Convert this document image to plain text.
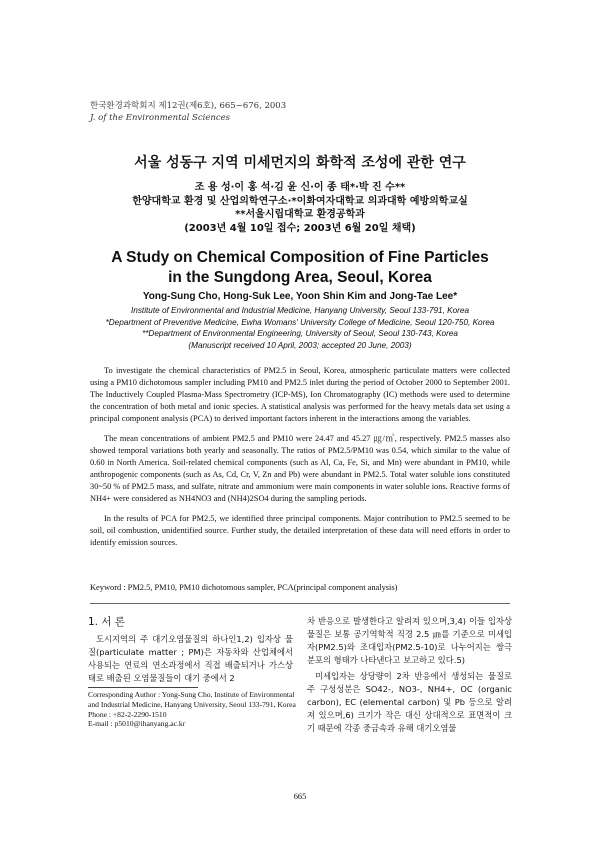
한국환경과학회지 제12권(제6호), 665~676, 2003
J. of the Environmental Sciences
서울 성동구 지역 미세먼지의 화학적 조성에 관한 연구
조 용 성·이 홍 석·김 윤 신·이 종 태*·박 진 수**
한양대학교 환경 및 산업의학연구소·*이화여자대학교 의과대학 예방의학교실
**서울시립대학교 환경공학과
(2003년 4월 10일 접수; 2003년 6월 20일 채택)
A Study on Chemical Composition of Fine Particles
in the Sungdong Area, Seoul, Korea
Yong-Sung Cho, Hong-Suk Lee, Yoon Shin Kim and Jong-Tae Lee*
Institute of Environmental and Industrial Medicine, Hanyang University, Seoul 133-791, Korea
*Department of Preventive Medicine, Ewha Womans' University College of Medicine, Seoul 120-750, Korea
**Department of Environmental Engineering, University of Seoul, Seoul 130-743, Korea
(Manuscript received 10 April, 2003; accepted 20 June, 2003)

To investigate the chemical characteristics of PM2.5 in Seoul, Korea, atmospheric particulate matters were collected using a PM10 dichotomous sampler including PM10 and PM2.5 inlet during the period of October 2000 to September 2001. The Inductively Coupled Plasma-Mass Spectrometry (ICP-MS), Ion Chromatography (IC) methods were used to determine the concentration of both metal and ionic species. A statistical analysis was performed for the heavy metals data set using a principal component analysis (PCA) to derived important factors inherent in the interactions among the variables.

The mean concentrations of ambient PM2.5 and PM10 were 24.47 and 45.27 ㎍/㎥, respectively. PM2.5 masses also showed temporal variations both yearly and seasonally. The ratios of PM2.5/PM10 was 0.54, which similar to the value of 0.60 in North America. Soil-related chemical components (such as Al, Ca, Fe, Si, and Mn) were abundant in PM10, while anthropogenic components (such as As, Cd, Cr, V, Zn and Pb) were abundant in PM2.5. Total water soluble ions constituted 30~50 % of PM2.5 mass, and sulfate, nitrate and ammonium were main components in water soluble ions. Reactive forms of NH4+ were considered as NH4NO3 and (NH4)2SO4 during the sampling periods.

In the results of PCA for PM2.5, we identified three principal components. Major contribution to PM2.5 seemed to be soil, oil combustion, unidentified source. Further study, the detailed interpretation of these data will need efforts in order to identify emission sources.

Keyword : PM2.5, PM10, PM10 dichotomous sampler, PCA(principal component analysis)
1. 서 론

도시지역의 주 대기오염물질의 하나인1,2) 입자상 물질(particulate matter ; PM)은 자동차와 산업체에서 사용되는 연료의 연소과정에서 직접 배출되거나 가스상태로 배출된 오염물질들이 대기 중에서 2

차 반응으로 발생한다고 알려져 있으며,3,4) 이들 입자상 물질은 보통 공기역학적 직경 2.5 ㎛를 기준으로 미세입자(PM2.5)와 조대입자(PM2.5-10)로 나누어지는 쌍극분포의 형태가 나타낸다고 보고하고 있다.5)

미세입자는 상당량이 2차 반응에서 생성되는 물질로 주 구성성분은 SO42-, NO3-, NH4+, OC (organic carbon), EC (elemental carbon) 및 Pb 등으로 알려져 있으며,6) 크기가 작은 대신 상대적으로 표면적이 크기 때문에 각종 중금속과 유해 대기오염물

Corresponding Author : Yong-Sung Cho, Institute of Environmental and Industrial Medicine, Hanyang University, Seoul 133-791, Korea
Phone : +82-2-2290-1510
E-mail : p5010@ihanyang.ac.kr
665
